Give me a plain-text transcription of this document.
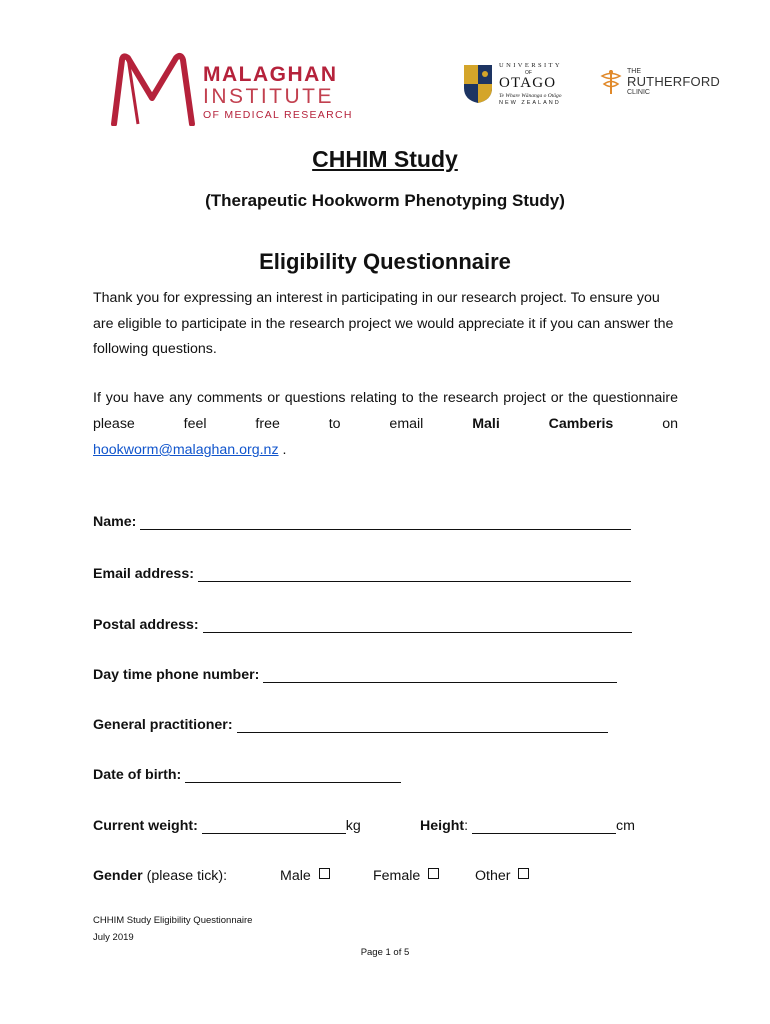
MALAGHAN
INSTITUTE
OF MEDICAL RESEARCH
UNIVERSITY
OF
OTAGO
Te Whare Wānanga o Otāgo
NEW ZEALAND
THE
RUTHERFORD
CLINIC
CHHIM Study
(Therapeutic Hookworm Phenotyping Study)
Eligibility Questionnaire
Thank you for expressing an interest in participating in our research project. To ensure you are eligible to participate in the research project we would appreciate it if you can answer the following questions.
If you have any comments or questions relating to the research project or the questionnaire please feel free to email	Mali Camberis	on
hookworm@malaghan.org.nz .
Name:
Email address:
Postal address:
Day time phone number:
General practitioner:
Date of birth:
Current weight:	kg	Height:	cm
Gender (please tick):	Male	Female	Other
CHHIM Study Eligibility Questionnaire
July 2019
Page 1 of 5
